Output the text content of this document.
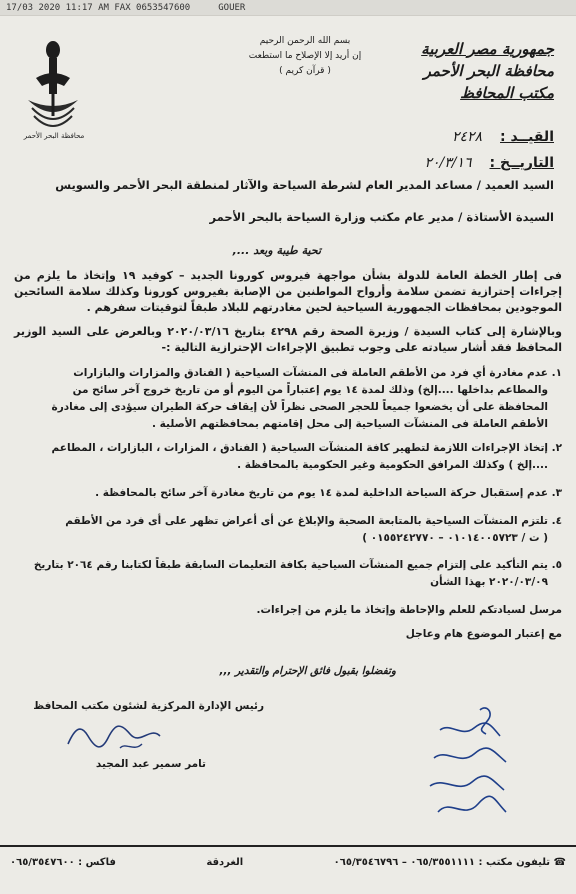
17/03 2020 11:17 AM FAX 0653547600	GOUER
محافظة البحر الأحمر
بسم الله الرحمن الرحيم
إن أريد إلا الإصلاح ما استطعت
( قرآن كريم )
جمهورية مصر العربية
محافظة البحر الأحمر
مكتب المحافظ
القيــد :٢٤٢٨
التاريــخ :٢٠/٣/١٦
السيد العميد / مساعد المدير العام لشرطة السياحة والآثار لمنطقة البحر الأحمر والسويس
السيدة الأستاذة / مدير عام مكتب وزارة السياحة بالبحر الأحمر
تحية طيبة وبعد ...,
فى إطار الخطة العامة للدولة بشأن مواجهة فيروس كورونا الجديد – كوفيد ١٩ وإتخاذ ما يلزم من إجراءات إحترازية تضمن سلامة وأرواح المواطنين من الإصابة بفيروس كورونا وكذلك سلامة السائحين الموجودين بمحافظات الجمهورية السياحية لحين مغادرتهم للبلاد طبقاً لتوقيتات سفرهم .
وبالإشارة إلى كتاب السيدة / وزيرة الصحة رقم ٤٢٩٨ بتاريخ ٢٠٢٠/٠٣/١٦ وبالعرض على السيد الوزير المحافظ فقد أشار سيادته على وجوب تطبيق الإجراءات الإحترازية التالية :-
١.عدم مغادرة أي فرد من الأطقم العاملة فى المنشآت السياحية ( الفنادق والمزارات والبازارات
والمطاعم بداخلها ....إلخ) وذلك لمدة ١٤ يوم إعتباراً من اليوم أو من تاريخ خروج آخر سائح من
المحافظة على أن يخضعوا جميعاً للحجر الصحى نظراً لأن إيقاف حركة الطيران سيؤدى إلى مغادرة
الأطقم العاملة فى المنشآت السياحية إلى محل إقامتهم بمحافظتهم الأصلية .
٢.إتخاذ الإجراءات اللازمة لتطهير كافة المنشآت السياحية ( الفنادق ، المزارات ، البازارات ، المطاعم
....إلخ ) وكذلك المرافق الحكومية وغير الحكومية بالمحافظة .
٣.عدم إستقبال حركة السياحة الداخلية لمدة ١٤ يوم من تاريخ مغادرة آخر سائح بالمحافظة .
٤.تلتزم المنشآت السياحية بالمتابعة الصحية والإبلاغ عن أى أعراض تظهر على أى فرد من الأطقم
( ت / ٠١٠١٤٠٠٥٧٢٣ – ٠١٥٥٢٤٢٧٧٠ )
٥.يتم التأكيد على إلتزام جميع المنشآت السياحية بكافة التعليمات السابقة طبقاً لكتابنا رقم ٢٠٦٤ بتاريخ
٢٠٢٠/٠٣/٠٩ بهذا الشأن
مرسل لسيادتكم للعلم والإحاطة وإتخاذ ما يلزم من إجراءات.
مع إعتبار الموضوع هام وعاجل
وتفضلوا بقبول فائق الإحترام والتقدير ,,,
رئيس الإدارة المركزية لشئون مكتب المحافظ
تامر سمير عبد المجيد
☎ تليفون مكتب : ٠٦٥/٣٥٥١١١١ – ٠٦٥/٣٥٤٦٧٩٦
الغردقة
فاكس : ٠٦٥/٣٥٤٧٦٠٠
